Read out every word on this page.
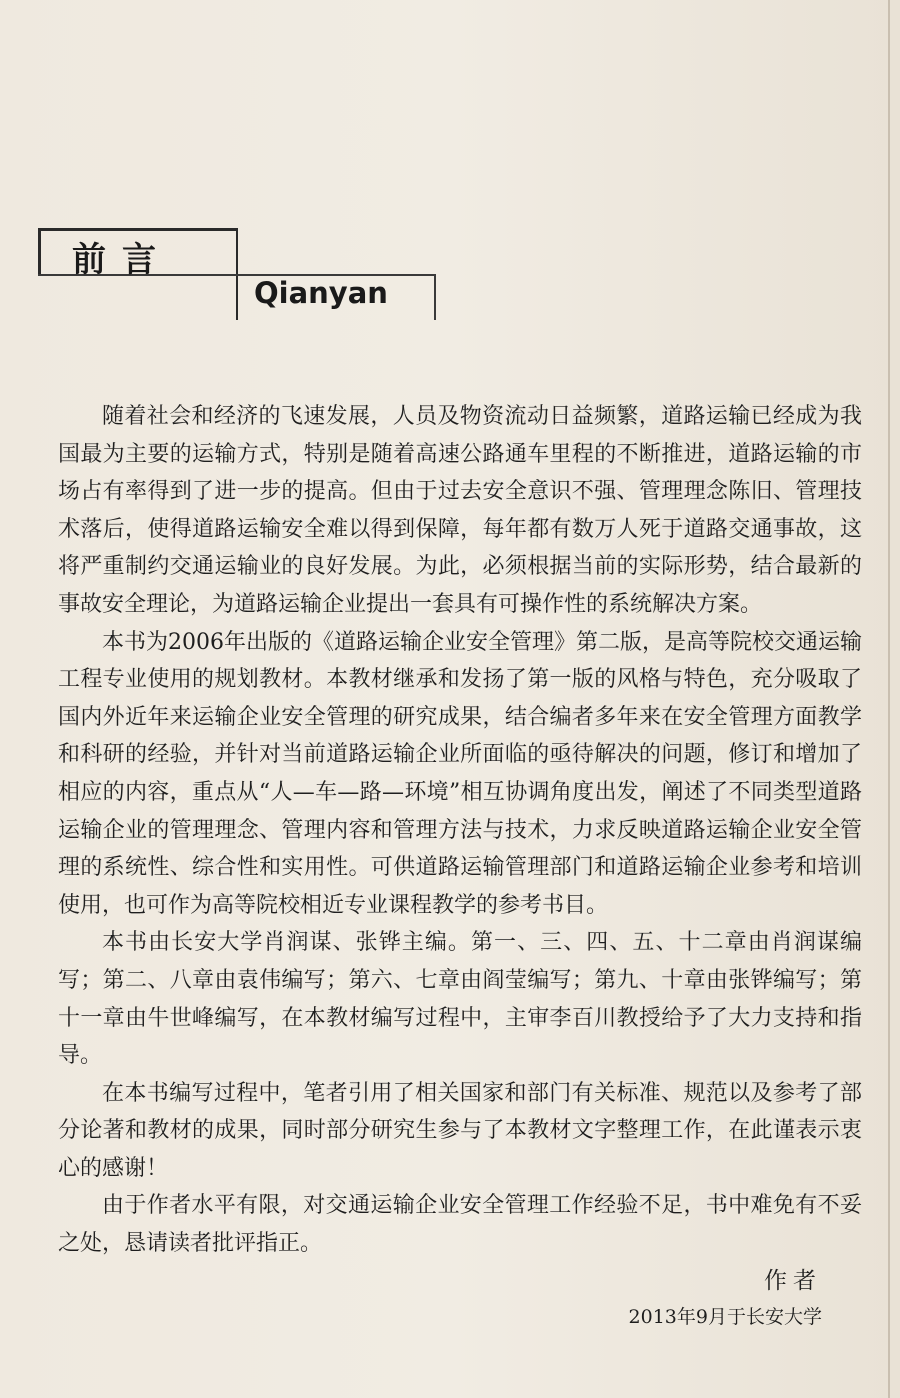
前言
Qianyan

随着社会和经济的飞速发展，人员及物资流动日益频繁，道路运输已经成为我国最为主要的运输方式，特别是随着高速公路通车里程的不断推进，道路运输的市场占有率得到了进一步的提高。但由于过去安全意识不强、管理理念陈旧、管理技术落后，使得道路运输安全难以得到保障，每年都有数万人死于道路交通事故，这将严重制约交通运输业的良好发展。为此，必须根据当前的实际形势，结合最新的事故安全理论，为道路运输企业提出一套具有可操作性的系统解决方案。

本书为2006年出版的《道路运输企业安全管理》第二版，是高等院校交通运输工程专业使用的规划教材。本教材继承和发扬了第一版的风格与特色，充分吸取了国内外近年来运输企业安全管理的研究成果，结合编者多年来在安全管理方面教学和科研的经验，并针对当前道路运输企业所面临的亟待解决的问题，修订和增加了相应的内容，重点从“人—车—路—环境”相互协调角度出发，阐述了不同类型道路运输企业的管理理念、管理内容和管理方法与技术，力求反映道路运输企业安全管理的系统性、综合性和实用性。可供道路运输管理部门和道路运输企业参考和培训使用，也可作为高等院校相近专业课程教学的参考书目。

本书由长安大学肖润谋、张铧主编。第一、三、四、五、十二章由肖润谋编写；第二、八章由袁伟编写；第六、七章由阎莹编写；第九、十章由张铧编写；第十一章由牛世峰编写，在本教材编写过程中，主审李百川教授给予了大力支持和指导。

在本书编写过程中，笔者引用了相关国家和部门有关标准、规范以及参考了部分论著和教材的成果，同时部分研究生参与了本教材文字整理工作，在此谨表示衷心的感谢！

由于作者水平有限，对交通运输企业安全管理工作经验不足，书中难免有不妥之处，恳请读者批评指正。

作者
2013年9月于长安大学
